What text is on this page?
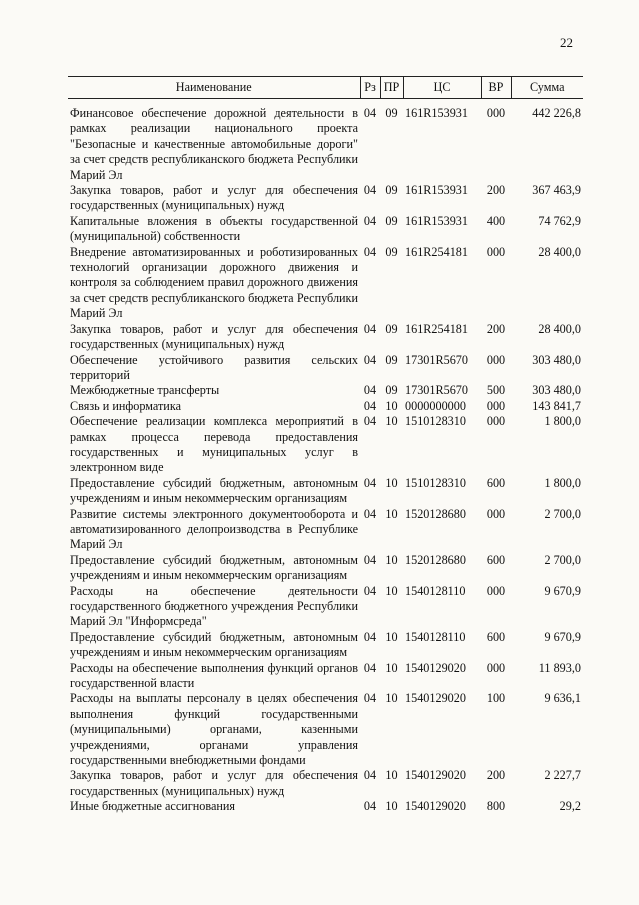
22
Наименование	Рз	ПР	ЦС	ВР	Сумма
Финансовое обеспечение дорожной деятельности в рамках реализации национального проекта "Безопасные и качественные автомобильные дороги" за счет средств республиканского бюджета Республики Марий Эл	04	09	161R153931	000	442 226,8
Закупка товаров, работ и услуг для обеспечения государственных (муниципальных) нужд	04	09	161R153931	200	367 463,9
Капитальные вложения в объекты государственной (муниципальной) собственности	04	09	161R153931	400	74 762,9
Внедрение автоматизированных и роботизированных технологий организации дорожного движения и контроля за соблюдением правил дорожного движения за счет средств республиканского бюджета Республики Марий Эл	04	09	161R254181	000	28 400,0
Закупка товаров, работ и услуг для обеспечения государственных (муниципальных) нужд	04	09	161R254181	200	28 400,0
Обеспечение устойчивого развития сельских территорий	04	09	17301R5670	000	303 480,0
Межбюджетные трансферты	04	09	17301R5670	500	303 480,0
Связь и информатика	04	10	0000000000	000	143 841,7
Обеспечение реализации комплекса мероприятий в рамках процесса перевода предоставления государственных и муниципальных услуг в электронном виде	04	10	1510128310	000	1 800,0
Предоставление субсидий бюджетным, автономным учреждениям и иным некоммерческим организациям	04	10	1510128310	600	1 800,0
Развитие системы электронного документооборота и автоматизированного делопроизводства в Республике Марий Эл	04	10	1520128680	000	2 700,0
Предоставление субсидий бюджетным, автономным учреждениям и иным некоммерческим организациям	04	10	1520128680	600	2 700,0
Расходы на обеспечение деятельности государственного бюджетного учреждения Республики Марий Эл "Информсреда"	04	10	1540128110	000	9 670,9
Предоставление субсидий бюджетным, автономным учреждениям и иным некоммерческим организациям	04	10	1540128110	600	9 670,9
Расходы на обеспечение выполнения функций органов государственной власти	04	10	1540129020	000	11 893,0
Расходы на выплаты персоналу в целях обеспечения выполнения функций государственными (муниципальными) органами, казенными учреждениями, органами управления государственными внебюджетными фондами	04	10	1540129020	100	9 636,1
Закупка товаров, работ и услуг для обеспечения государственных (муниципальных) нужд	04	10	1540129020	200	2 227,7
Иные бюджетные ассигнования	04	10	1540129020	800	29,2
